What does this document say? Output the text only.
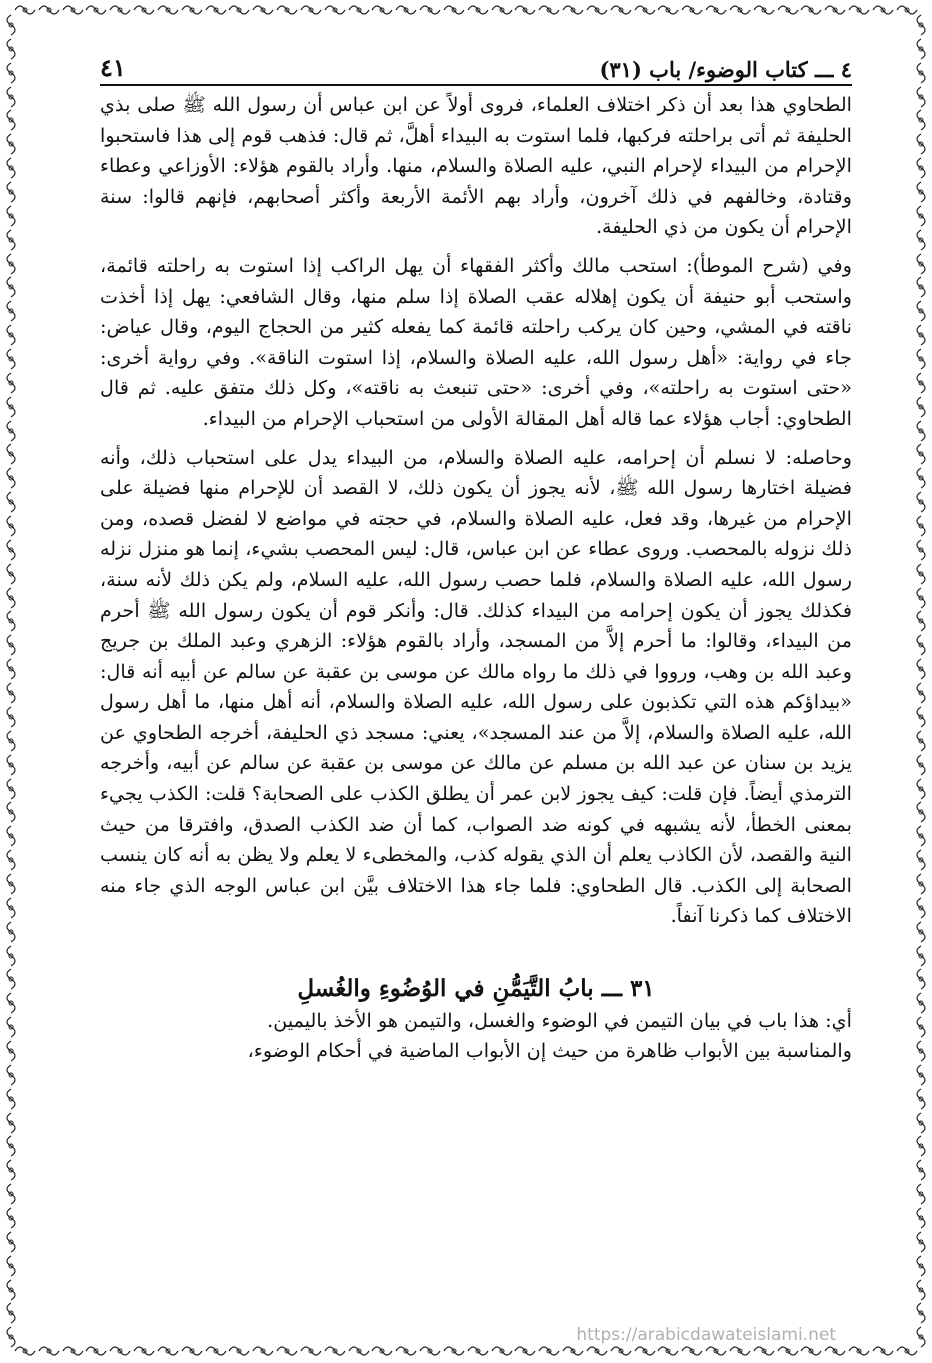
٤ ـــ كتاب الوضوء/ باب (٣١)
٤١

الطحاوي هذا بعد أن ذكر اختلاف العلماء، فروى أولاً عن ابن عباس أن رسول الله ﷺ صلى بذي الحليفة ثم أتى براحلته فركبها، فلما استوت به البيداء أهلَّ، ثم قال: فذهب قوم إلى هذا فاستحبوا الإحرام من البيداء لإحرام النبي، عليه الصلاة والسلام، منها. وأراد بالقوم هؤلاء: الأوزاعي وعطاء وقتادة، وخالفهم في ذلك آخرون، وأراد بهم الأئمة الأربعة وأكثر أصحابهم، فإنهم قالوا: سنة الإحرام أن يكون من ذي الحليفة.

وفي (شرح الموطأ): استحب مالك وأكثر الفقهاء أن يهل الراكب إذا استوت به راحلته قائمة، واستحب أبو حنيفة أن يكون إهلاله عقب الصلاة إذا سلم منها، وقال الشافعي: يهل إذا أخذت ناقته في المشي، وحين كان يركب راحلته قائمة كما يفعله كثير من الحجاج اليوم، وقال عياض: جاء في رواية: «أهل رسول الله، عليه الصلاة والسلام، إذا استوت الناقة». وفي رواية أخرى: «حتى استوت به راحلته»، وفي أخرى: «حتى تنبعث به ناقته»، وكل ذلك متفق عليه. ثم قال الطحاوي: أجاب هؤلاء عما قاله أهل المقالة الأولى من استحباب الإحرام من البيداء.

وحاصله: لا نسلم أن إحرامه، عليه الصلاة والسلام، من البيداء يدل على استحباب ذلك، وأنه فضيلة اختارها رسول الله ﷺ، لأنه يجوز أن يكون ذلك، لا القصد أن للإحرام منها فضيلة على الإحرام من غيرها، وقد فعل، عليه الصلاة والسلام، في حجته في مواضع لا لفضل قصده، ومن ذلك نزوله بالمحصب. وروى عطاء عن ابن عباس، قال: ليس المحصب بشيء، إنما هو منزل نزله رسول الله، عليه الصلاة والسلام، فلما حصب رسول الله، عليه السلام، ولم يكن ذلك لأنه سنة، فكذلك يجوز أن يكون إحرامه من البيداء كذلك. قال: وأنكر قوم أن يكون رسول الله ﷺ أحرم من البيداء، وقالوا: ما أحرم إلاَّ من المسجد، وأراد بالقوم هؤلاء: الزهري وعبد الملك بن جريج وعبد الله بن وهب، ورووا في ذلك ما رواه مالك عن موسى بن عقبة عن سالم عن أبيه أنه قال: «بيداؤكم هذه التي تكذبون على رسول الله، عليه الصلاة والسلام، أنه أهل منها، ما أهل رسول الله، عليه الصلاة والسلام، إلاَّ من عند المسجد»، يعني: مسجد ذي الحليفة، أخرجه الطحاوي عن يزيد بن سنان عن عبد الله بن مسلم عن مالك عن موسى بن عقبة عن سالم عن أبيه، وأخرجه الترمذي أيضاً. فإن قلت: كيف يجوز لابن عمر أن يطلق الكذب على الصحابة؟ قلت: الكذب يجيء بمعنى الخطأ، لأنه يشبهه في كونه ضد الصواب، كما أن ضد الكذب الصدق، وافترقا من حيث النية والقصد، لأن الكاذب يعلم أن الذي يقوله كذب، والمخطىء لا يعلم ولا يظن به أنه كان ينسب الصحابة إلى الكذب. قال الطحاوي: فلما جاء هذا الاختلاف بيَّن ابن عباس الوجه الذي جاء منه الاختلاف كما ذكرنا آنفاً.

٣١ ـــ بابُ التَّيَمُّنِ في الوُضُوءِ والغُسلِ

أي: هذا باب في بيان التيمن في الوضوء والغسل، والتيمن هو الأخذ باليمين.

والمناسبة بين الأبواب ظاهرة من حيث إن الأبواب الماضية في أحكام الوضوء،

https://arabicdawateislami.net
